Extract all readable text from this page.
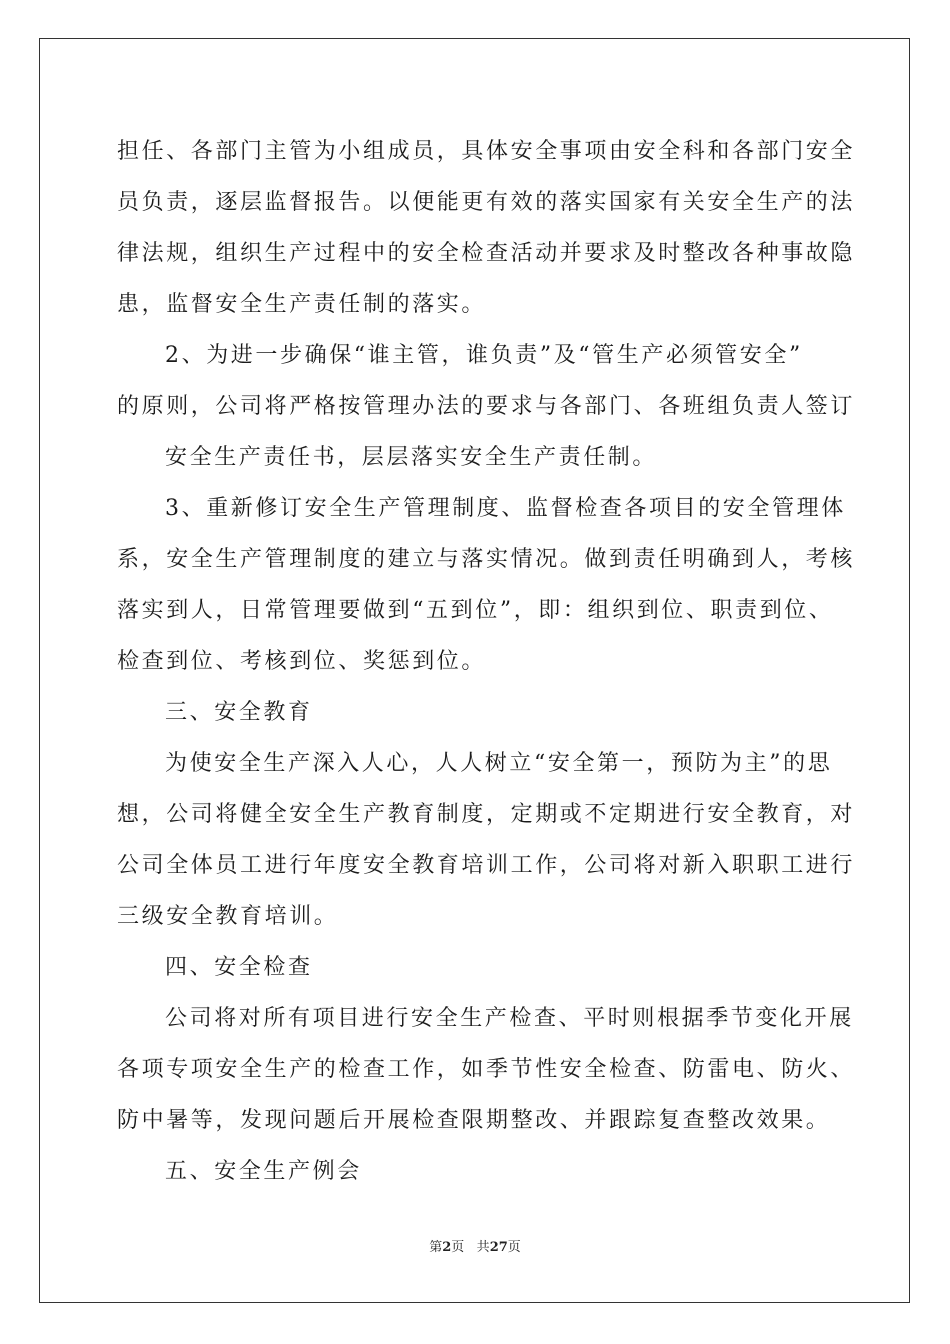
担任、各部门主管为小组成员，具体安全事项由安全科和各部门安全
员负责，逐层监督报告。以便能更有效的落实国家有关安全生产的法
律法规，组织生产过程中的安全检查活动并要求及时整改各种事故隐
患，监督安全生产责任制的落实。
2、为进一步确保“谁主管，谁负责”及“管生产必须管安全”
的原则，公司将严格按管理办法的要求与各部门、各班组负责人签订
安全生产责任书，层层落实安全生产责任制。
3、重新修订安全生产管理制度、监督检查各项目的安全管理体
系，安全生产管理制度的建立与落实情况。做到责任明确到人，考核
落实到人，日常管理要做到“五到位”，即：组织到位、职责到位、
检查到位、考核到位、奖惩到位。
三、安全教育
为使安全生产深入人心，人人树立“安全第一，预防为主”的思
想，公司将健全安全生产教育制度，定期或不定期进行安全教育，对
公司全体员工进行年度安全教育培训工作，公司将对新入职职工进行
三级安全教育培训。
四、安全检查
公司将对所有项目进行安全生产检查、平时则根据季节变化开展
各项专项安全生产的检查工作，如季节性安全检查、防雷电、防火、
防中暑等，发现问题后开展检查限期整改、并跟踪复查整改效果。
五、安全生产例会
第2页 共27页
